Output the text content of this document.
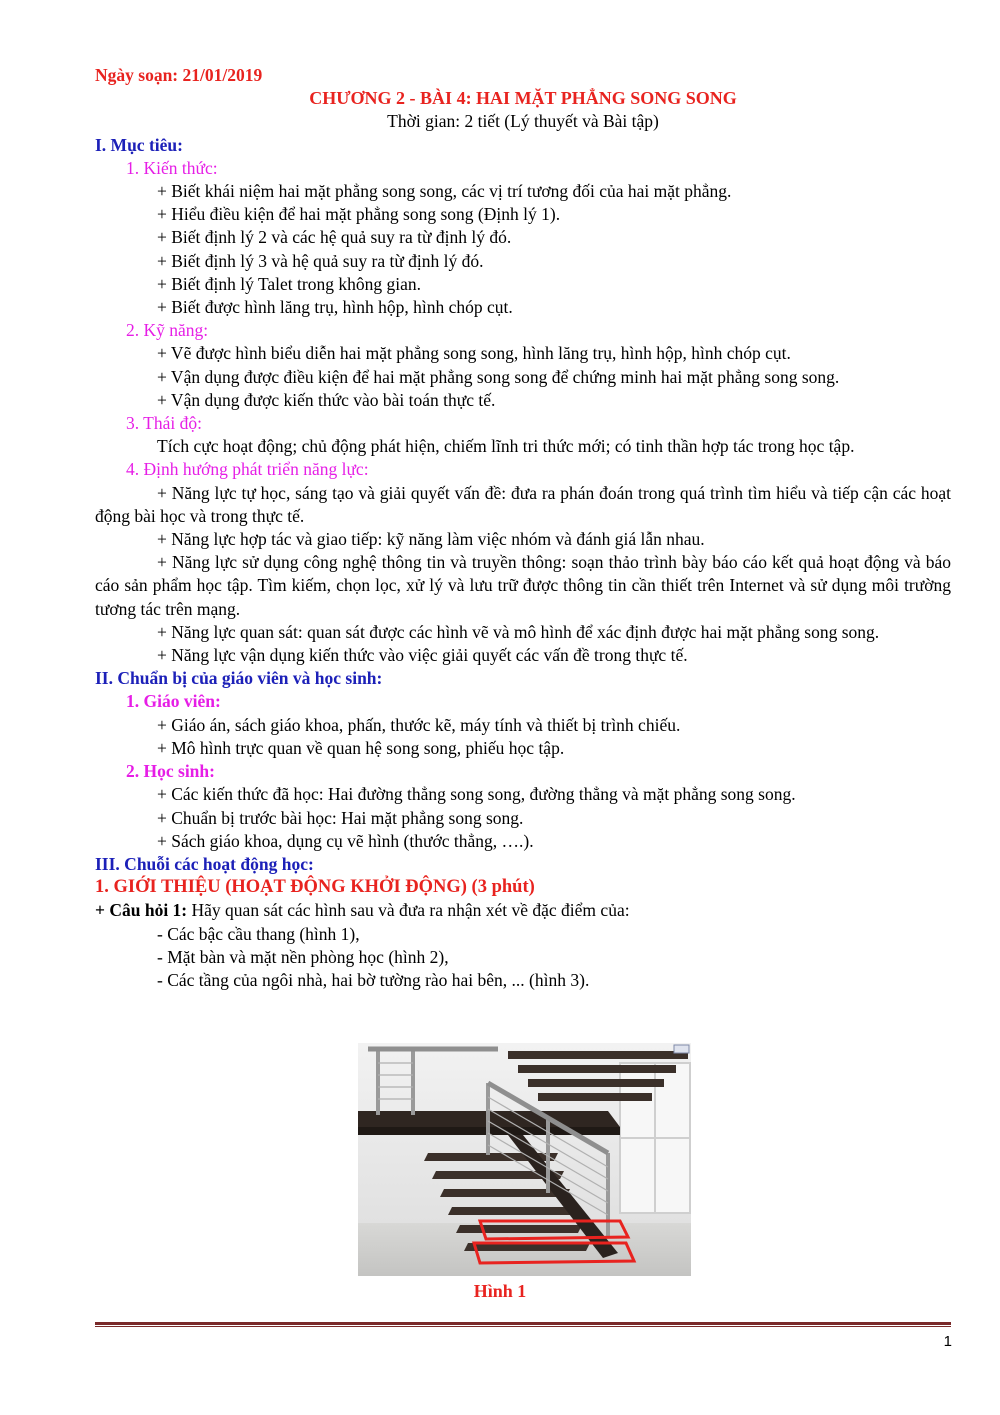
Ngày soạn: 21/01/2019
CHƯƠNG 2 - BÀI 4: HAI MẶT PHẲNG SONG SONG
Thời gian: 2 tiết (Lý thuyết và Bài tập)
I. Mục tiêu:
1. Kiến thức:
+ Biết khái niệm hai mặt phẳng song song, các vị trí tương đối của hai mặt phẳng.
+ Hiểu điều kiện để hai mặt phẳng song song (Định lý 1).
+ Biết định lý 2 và các hệ quả suy ra từ định lý đó.
+ Biết định lý 3 và hệ quả suy ra từ định lý đó.
+ Biết định lý Talet trong không gian.
+ Biết được hình lăng trụ, hình hộp, hình chóp cụt.
2. Kỹ năng:
+ Vẽ được hình biểu diễn hai mặt phẳng song song, hình lăng trụ, hình hộp, hình chóp cụt.
+ Vận dụng được điều kiện để hai mặt phẳng song song để chứng minh hai mặt phẳng song song.
+ Vận dụng được kiến thức vào bài toán thực tế.
3. Thái độ:
Tích cực hoạt động; chủ động phát hiện, chiếm lĩnh tri thức mới; có tinh thần hợp tác trong học tập.
4. Định hướng phát triển năng lực:
+ Năng lực tự học, sáng tạo và giải quyết vấn đề: đưa ra phán đoán trong quá trình tìm hiểu và tiếp cận các hoạt động bài học và trong thực tế.
+ Năng lực hợp tác và giao tiếp: kỹ năng làm việc nhóm và đánh giá lẫn nhau.
+ Năng lực sử dụng công nghệ thông tin và truyền thông: soạn thảo trình bày báo cáo kết quả hoạt động và báo cáo sản phẩm học tập. Tìm kiếm, chọn lọc, xử lý và lưu trữ được thông tin cần thiết trên Internet và sử dụng môi trường tương tác trên mạng.
+ Năng lực quan sát: quan sát được các hình vẽ và mô hình để xác định được hai mặt phẳng song song.
+ Năng lực vận dụng kiến thức vào việc giải quyết các vấn đề trong thực tế.
II. Chuẩn bị của giáo viên và học sinh:
1. Giáo viên:
+ Giáo án, sách giáo khoa, phấn, thước kẽ, máy tính và thiết bị trình chiếu.
+ Mô hình trực quan về quan hệ song song, phiếu học tập.
2. Học sinh:
+ Các kiến thức đã học: Hai đường thẳng song song, đường thẳng và mặt phẳng song song.
+ Chuẩn bị trước bài học: Hai mặt phẳng song song.
+ Sách giáo khoa, dụng cụ vẽ hình (thước thẳng, ….).
III. Chuỗi các hoạt động học:
1. GIỚI THIỆU (HOẠT ĐỘNG KHỞI ĐỘNG) (3 phút)
+ Câu hỏi 1: Hãy quan sát các hình sau và đưa ra nhận xét về đặc điểm của:
- Các bậc cầu thang (hình 1),
- Mặt bàn và mặt nền phòng học (hình 2),
- Các tầng của ngôi nhà, hai bờ tường rào hai bên, ... (hình 3).
Hình 1
1
